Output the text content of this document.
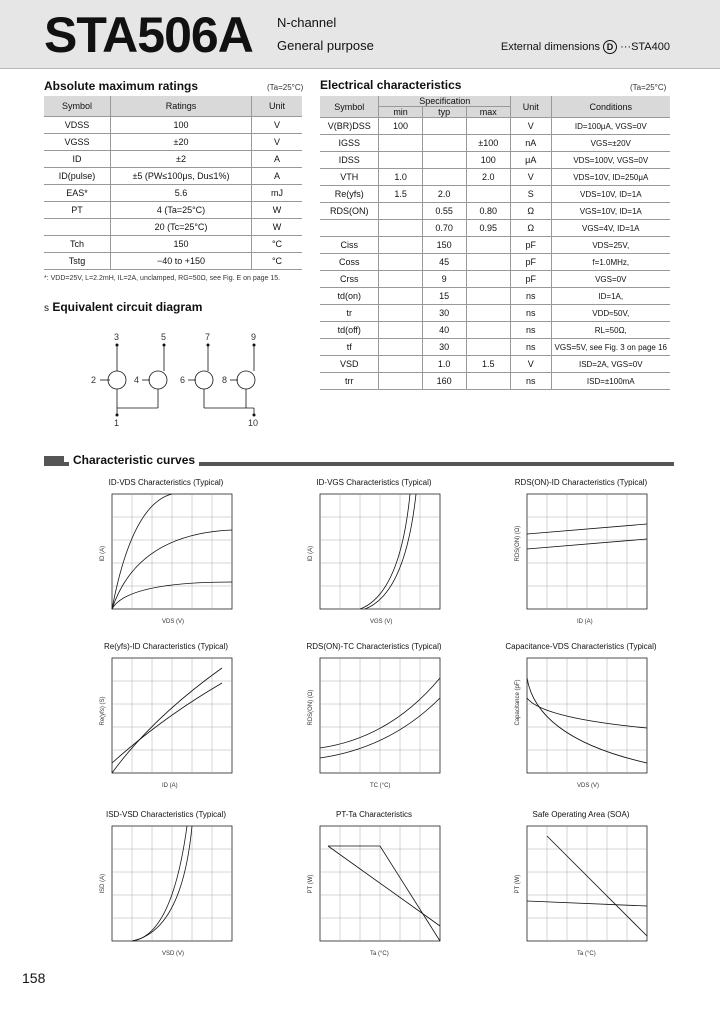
STA506A N-channel
General purpose	External dimensions D ···STA400
Absolute maximum ratings	(Ta=25°C)
Symbol	Ratings	Unit
VDSS	100	V
VGSS	±20	V
ID	±2	A
ID(pulse)	±5 (PW≤100μs, Du≤1%)	A
EAS*	5.6	mJ
PT	4 (Ta=25°C)	W
	20 (Tc=25°C)	W
Tch	150	°C
Tstg	−40 to +150	°C
*: VDD=25V, L=2.2mH, IL=2A, unclamped, RG=50Ω, see Fig. E on page 15.
Electrical characteristics	(Ta=25°C)
Symbol	Specification			Unit	Conditions
	min	typ	max		
V(BR)DSS	100			V	ID=100μA, VGS=0V
IGSS			±100	nA	VGS=±20V
IDSS			100	μA	VDS=100V, VGS=0V
VTH	1.0		2.0	V	VDS=10V, ID=250μA
Re(yfs)	1.5	2.0		S	VDS=10V, ID=1A
RDS(ON)		0.55	0.80	Ω	VGS=10V, ID=1A
		0.70	0.95	Ω	VGS=4V, ID=1A
Ciss		150		pF	VDS=25V,
Coss		45		pF	f=1.0MHz,
Crss		9		pF	VGS=0V
td(on)		15		ns	ID=1A,
tr		30		ns	VDD≈50V,
td(off)		40		ns	RL=50Ω,
tf		30		ns	VGS=5V, see Fig. 3 on page 16
VSD		1.0	1.5	V	ISD=2A, VGS=0V
trr		160		ns	ISD=±100mA
s Equivalent circuit diagram
3	5	7	9
2	4	6	8
1	10
Characteristic curves
ID-VDS Characteristics (Typical)
VDS (V)
ID (A)
ID-VGS Characteristics (Typical)
VGS (V)
ID (A)
RDS(ON)-ID Characteristics (Typical)
ID (A)
RDS(ON) (Ω)
Re(yfs)-ID Characteristics (Typical)
ID (A)
Re(yfs) (S)
RDS(ON)-TC Characteristics (Typical)
TC (°C)
RDS(ON) (Ω)
Capacitance-VDS Characteristics (Typical)
VDS (V)
Capacitance (pF)
ISD-VSD Characteristics (Typical)
VSD (V)
ISD (A)
PT-Ta Characteristics
Ta (°C)
PT (W)
Safe Operating Area (SOA)
Ta (°C)
PT (W)
158
